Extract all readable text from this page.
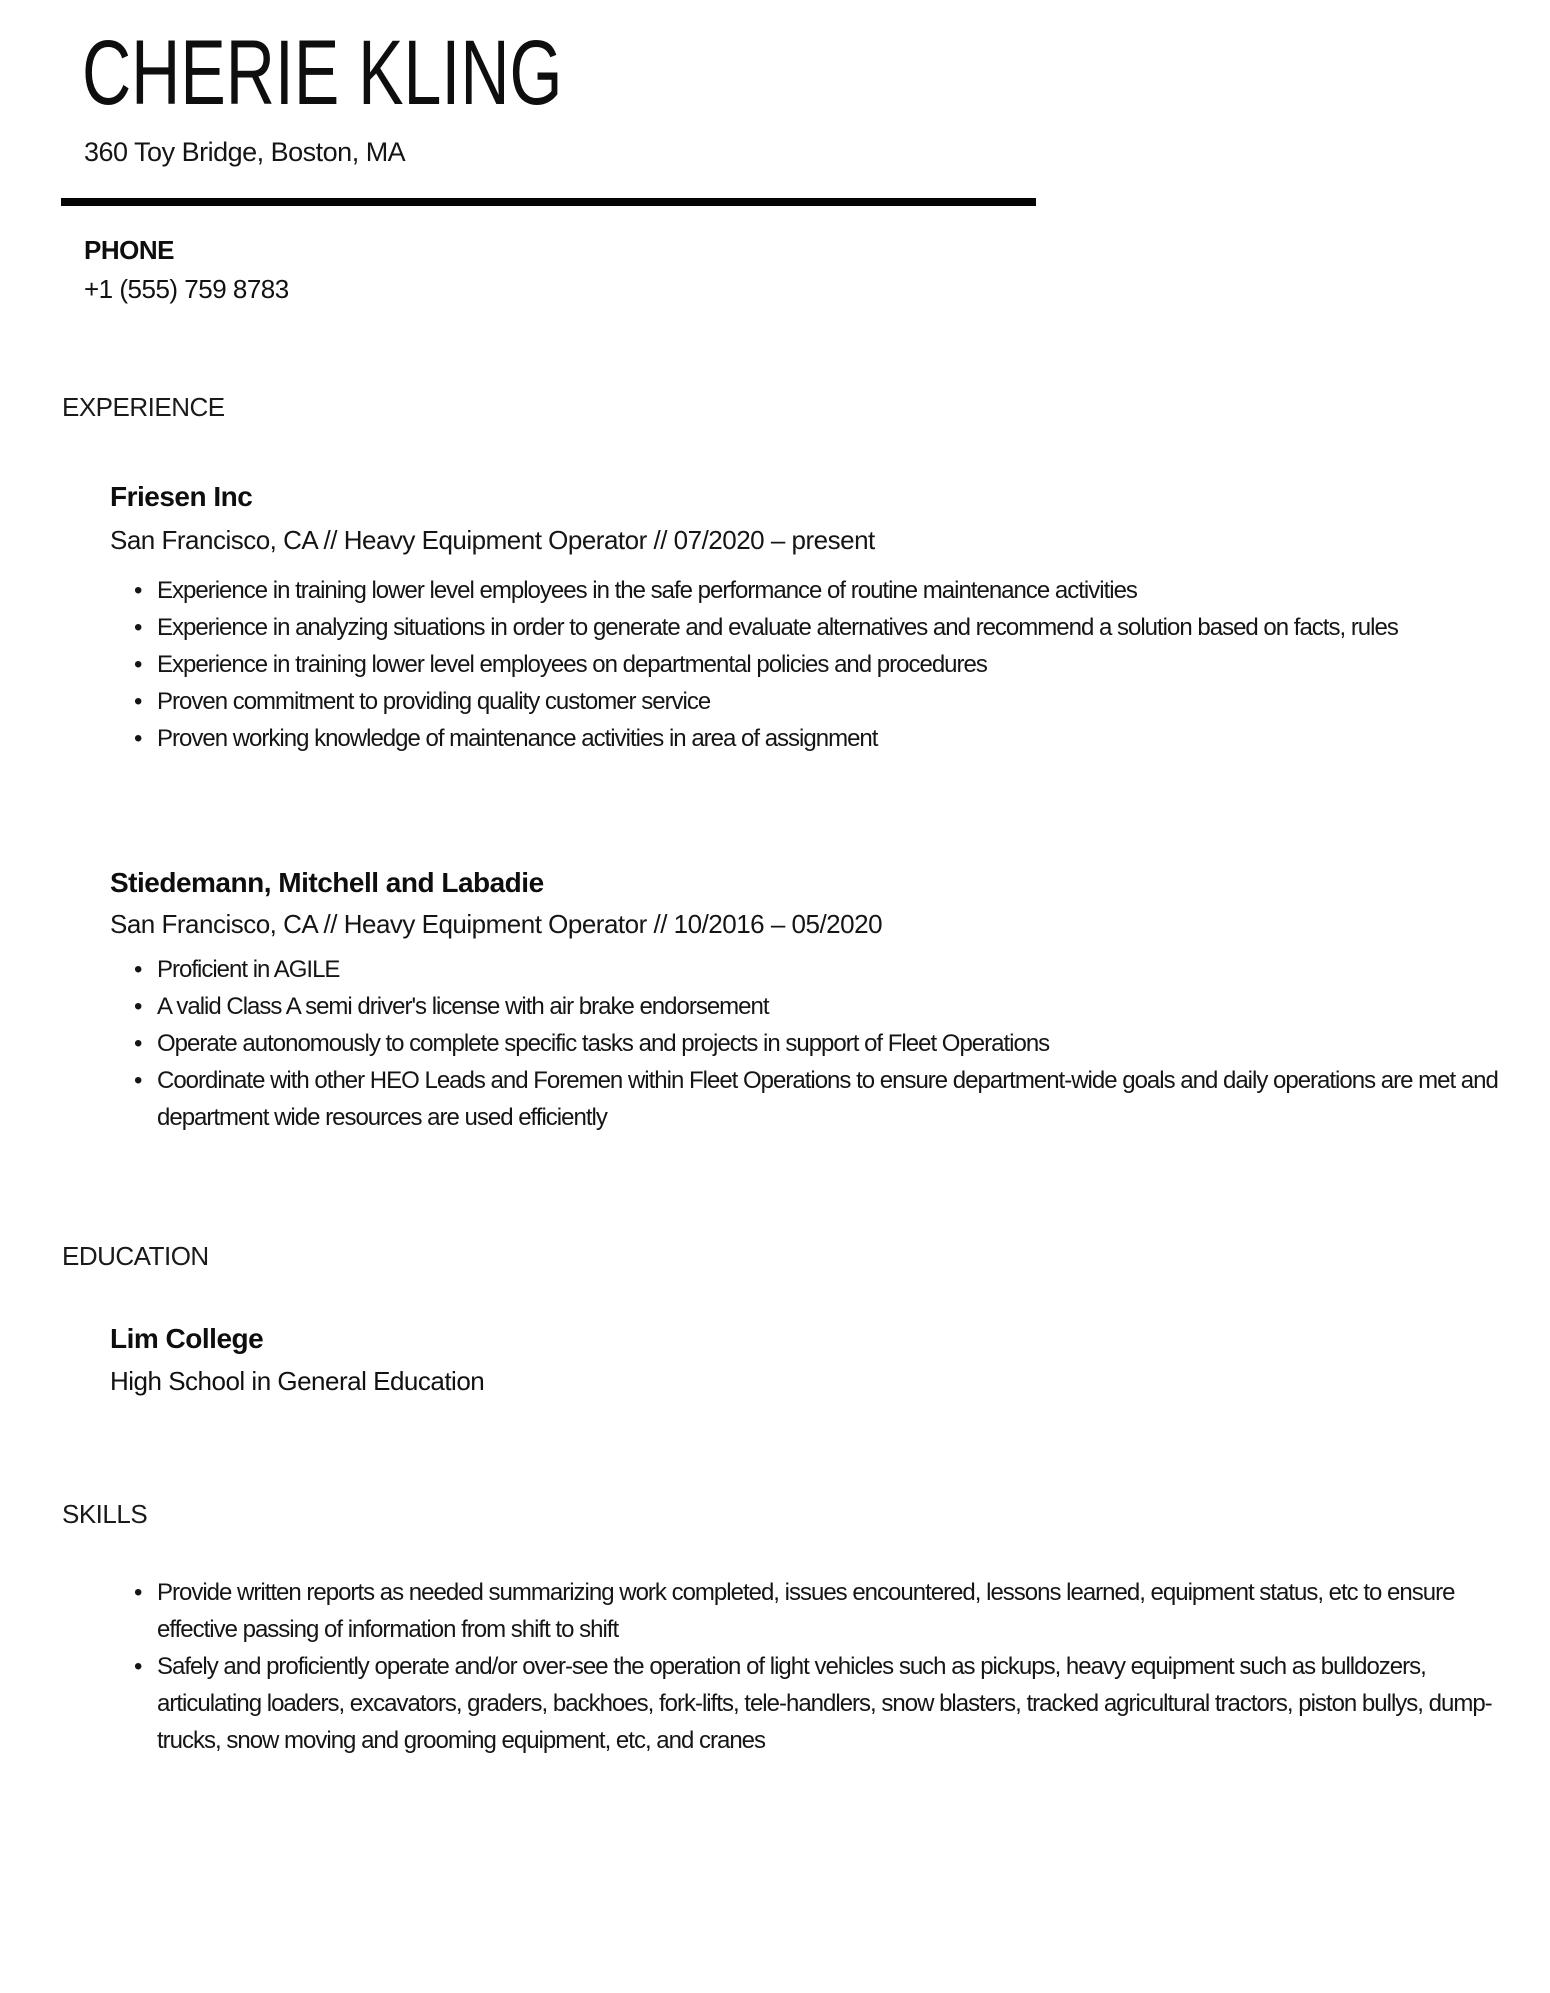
CHERIE KLING
360 Toy Bridge, Boston, MA
PHONE
+1 (555) 759 8783
EXPERIENCE
Friesen Inc
San Francisco, CA // Heavy Equipment Operator // 07/2020 – present
• Experience in training lower level employees in the safe performance of routine maintenance activities
• Experience in analyzing situations in order to generate and evaluate alternatives and recommend a solution based on facts, rules
• Experience in training lower level employees on departmental policies and procedures
• Proven commitment to providing quality customer service
• Proven working knowledge of maintenance activities in area of assignment
Stiedemann, Mitchell and Labadie
San Francisco, CA // Heavy Equipment Operator // 10/2016 – 05/2020
• Proficient in AGILE
• A valid Class A semi driver's license with air brake endorsement
• Operate autonomously to complete specific tasks and projects in support of Fleet Operations
• Coordinate with other HEO Leads and Foremen within Fleet Operations to ensure department-wide goals and daily operations are met and department wide resources are used efficiently
EDUCATION
Lim College
High School in General Education
SKILLS
• Provide written reports as needed summarizing work completed, issues encountered, lessons learned, equipment status, etc to ensure effective passing of information from shift to shift
• Safely and proficiently operate and/or over-see the operation of light vehicles such as pickups, heavy equipment such as bulldozers, articulating loaders, excavators, graders, backhoes, fork-lifts, tele-handlers, snow blasters, tracked agricultural tractors, piston bullys, dump-trucks, snow moving and grooming equipment, etc, and cranes
